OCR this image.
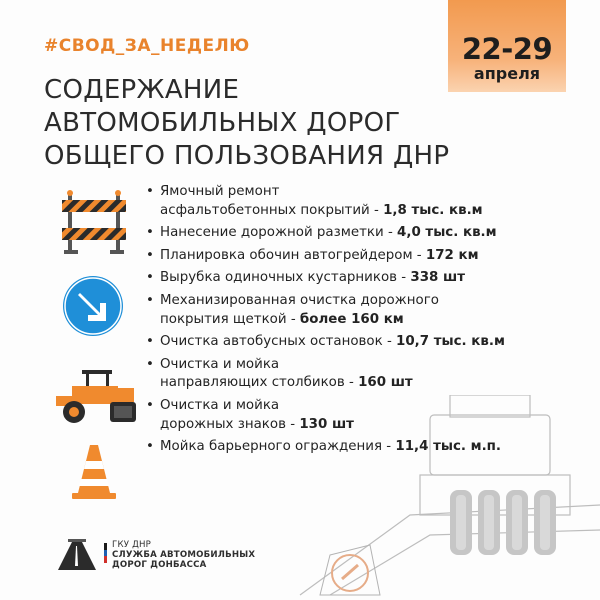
22-29
апреля
#СВОД_ЗА_НЕДЕЛЮ
СОДЕРЖАНИЕ
АВТОМОБИЛЬНЫХ ДОРОГ
ОБЩЕГО ПОЛЬЗОВАНИЯ ДНР
• Ямочный ремонт
асфальтобетонных покрытий - 1,8 тыс. кв.м
• Нанесение дорожной разметки - 4,0 тыс. кв.м
• Планировка обочин автогрейдером - 172 км
• Вырубка одиночных кустарников - 338 шт
• Механизированная очистка дорожного
покрытия щеткой - более 160 км
• Очистка автобусных остановок - 10,7 тыс. кв.м
• Очистка и мойка
направляющих столбиков - 160 шт
• Очистка и мойка
дорожных знаков - 130 шт
• Мойка барьерного ограждения - 11,4 тыс. м.п.
ГКУ ДНР
СЛУЖБА АВТОМОБИЛЬНЫХ
ДОРОГ ДОНБАССА
